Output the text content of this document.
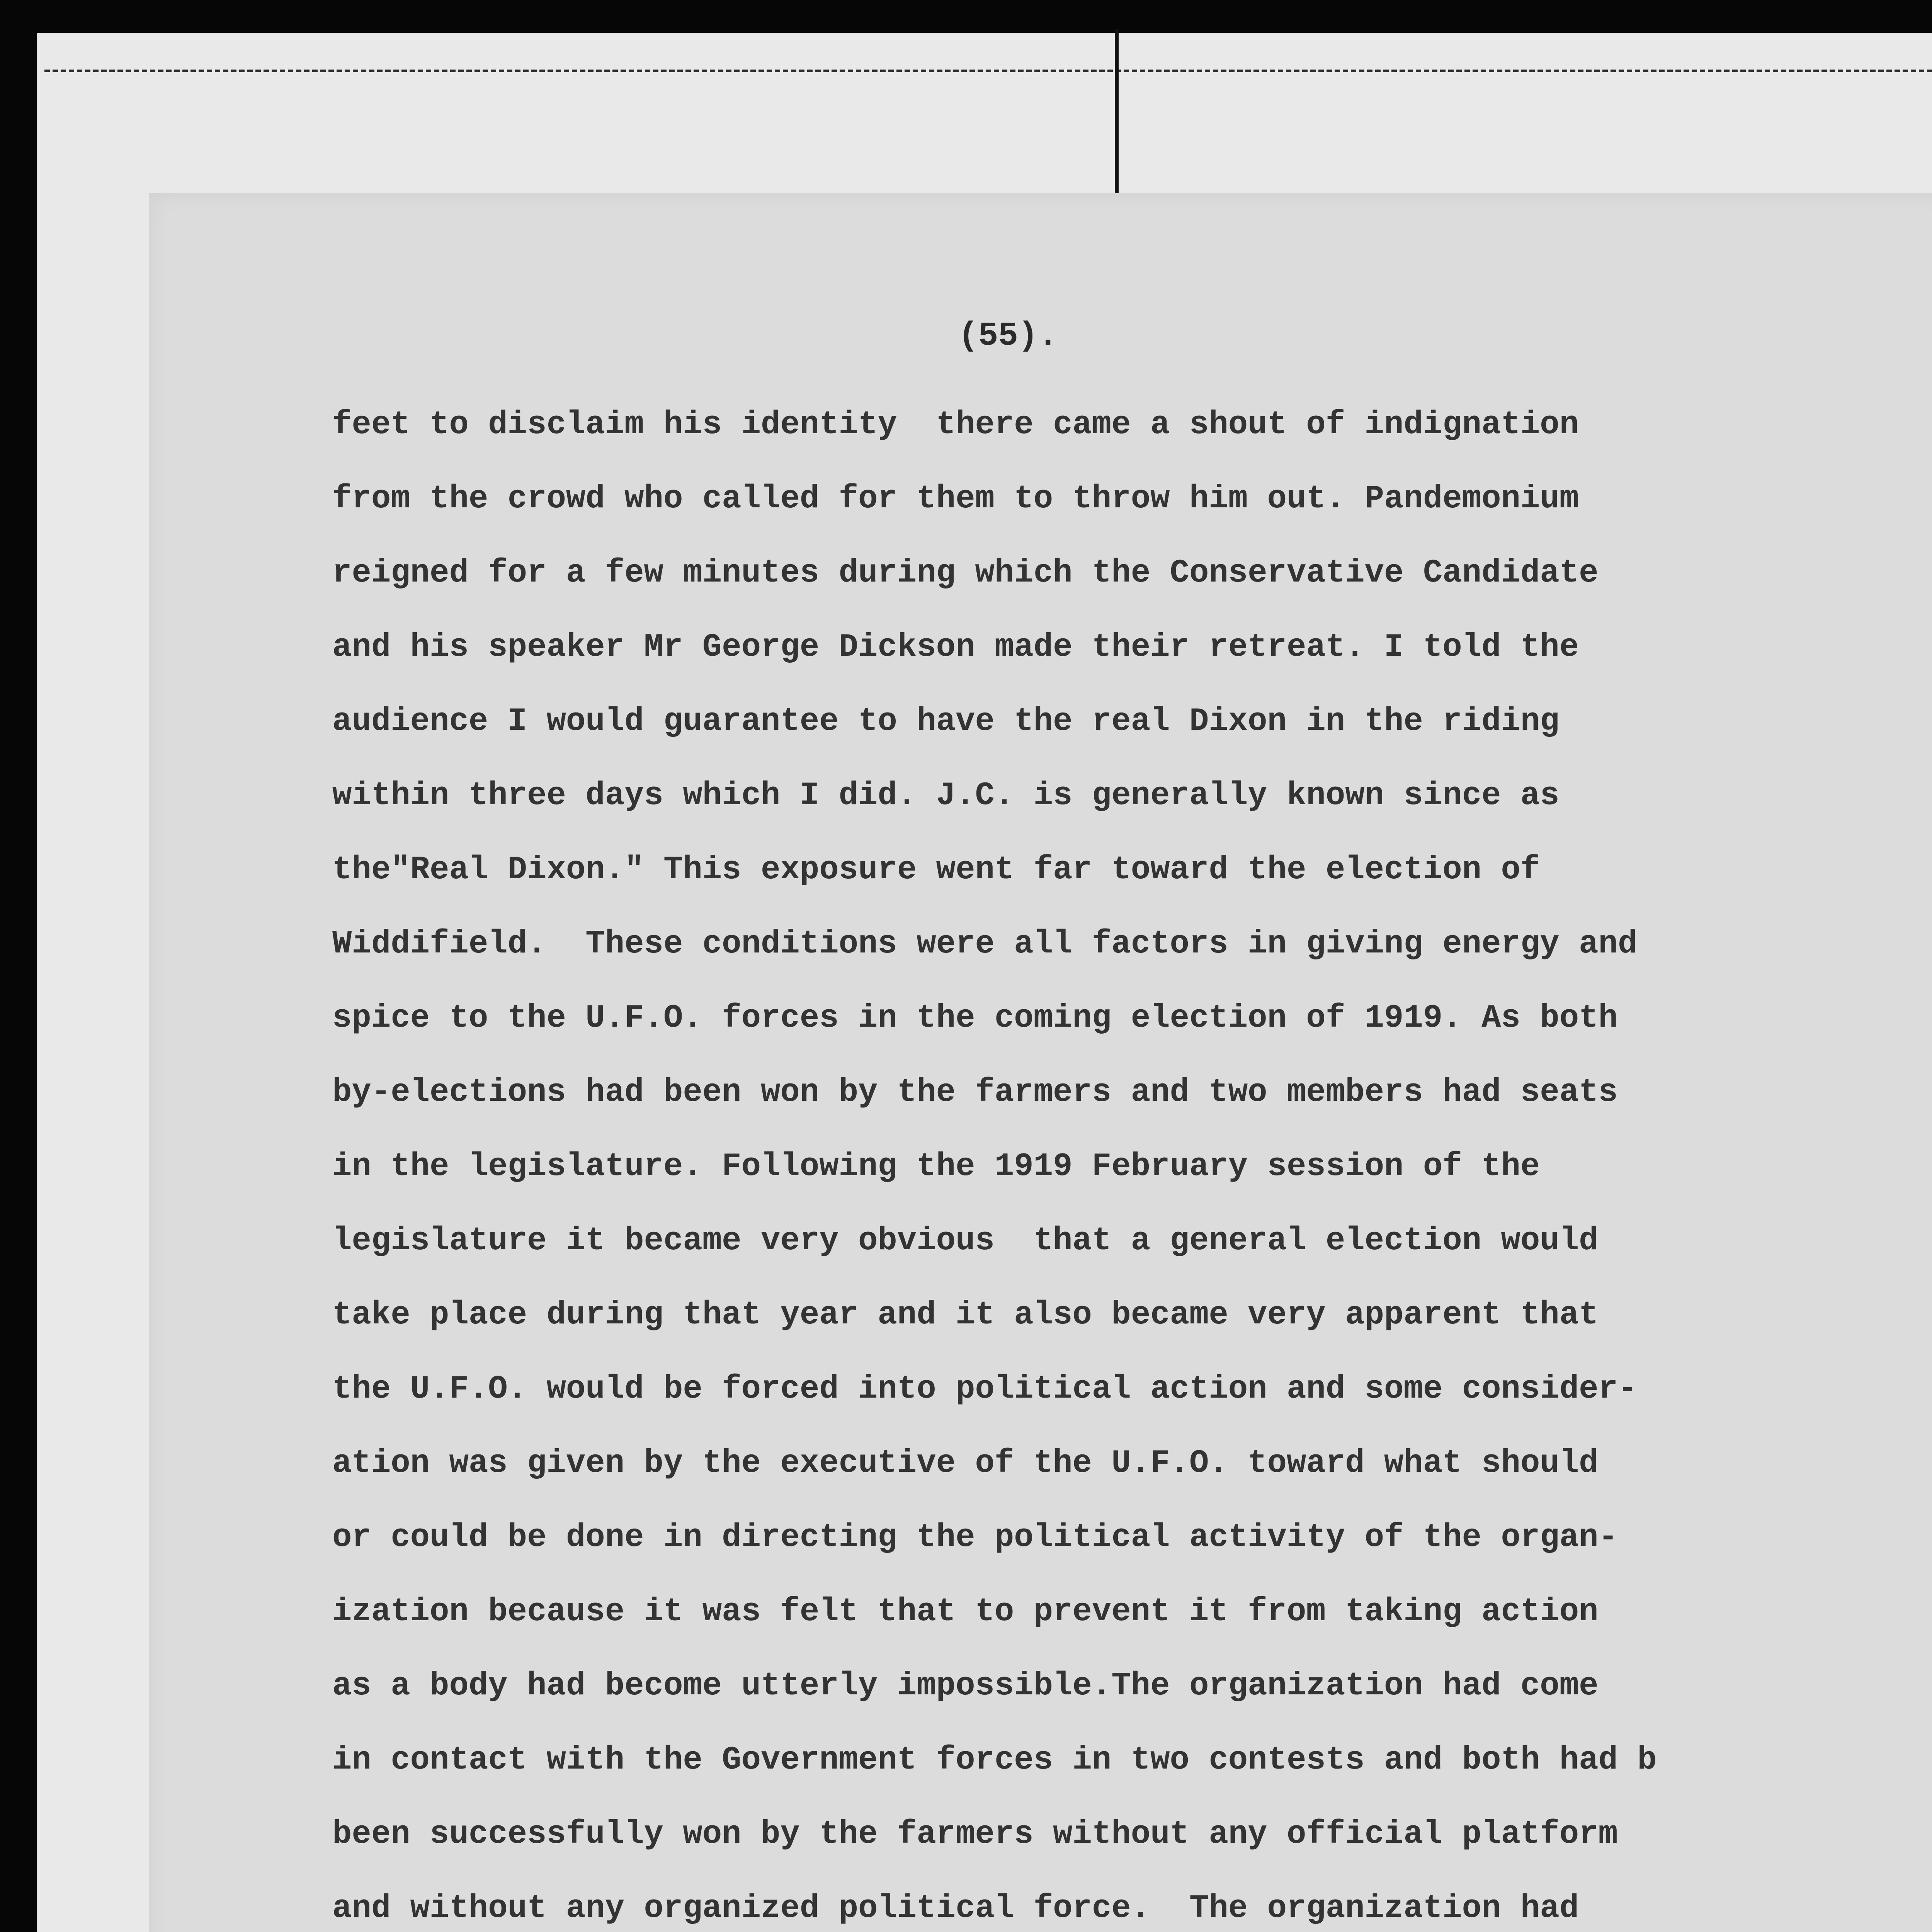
(55).
feet to disclaim his identity  there came a shout of indignation
from the crowd who called for them to throw him out. Pandemonium
reigned for a few minutes during which the Conservative Candidate
and his speaker Mr George Dickson made their retreat. I told the
audience I would guarantee to have the real Dixon in the riding
within three days which I did. J.C. is generally known since as
the"Real Dixon." This exposure went far toward the election of
Widdifield.  These conditions were all factors in giving energy and
spice to the U.F.O. forces in the coming election of 1919. As both
by-elections had been won by the farmers and two members had seats
in the legislature. Following the 1919 February session of the
legislature it became very obvious  that a general election would
take place during that year and it also became very apparent that
the U.F.O. would be forced into political action and some consider-
ation was given by the executive of the U.F.O. toward what should
or could be done in directing the political activity of the organ-
ization because it was felt that to prevent it from taking action
as a body had become utterly impossible.The organization had come
in contact with the Government forces in two contests and both had b
been successfully won by the farmers without any official platform
and without any organized political force.  The organization had
